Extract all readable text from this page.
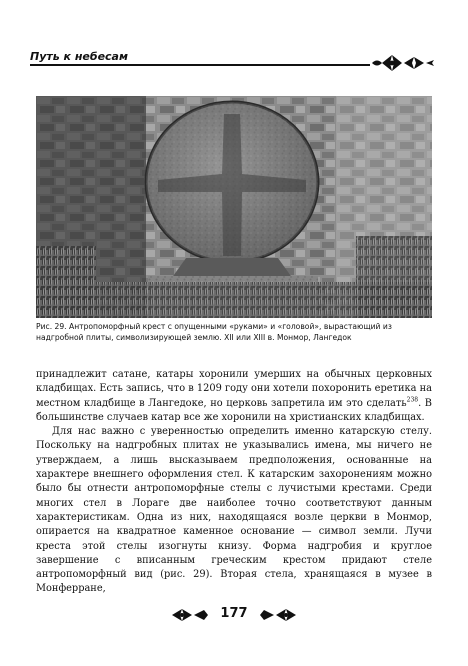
Путь к небесам
Рис. 29. Антропоморфный крест с опущенными «руками» и «головой», вырастающий из надгробной плиты, символизирующей землю. XII или XIII в. Монмор, Лангедок

принадлежит сатане, катары хоронили умерших на обычных церковных кладбищах. Есть запись, что в 1209 году они хотели похоронить еретика на местном кладбище в Лангедоке, но церковь запретила им это сделать$^{238}$. В большинстве случаев катар все же хоронили на христианских кладбищах.

Для нас важно с уверенностью определить именно катарскую стелу. Поскольку на надгробных плитах не указывались имена, мы ничего не утверждаем, а лишь высказываем предположения, основанные на характере внешнего оформления стел. К катарским захоронениям можно было бы отнести антропоморфные стелы с лучистыми крестами. Среди многих стел в Лораге две наиболее точно соответствуют данным характеристикам. Одна из них, находящаяся возле церкви в Монмор, опирается на квадратное каменное основание — символ земли. Лучи креста этой стелы изогнуты книзу. Форма надгробия и круглое завершение с вписанным греческим крестом придают стеле антропоморфный вид (рис. 29). Вторая стела, хранящаяся в музее в Монферране,

177
